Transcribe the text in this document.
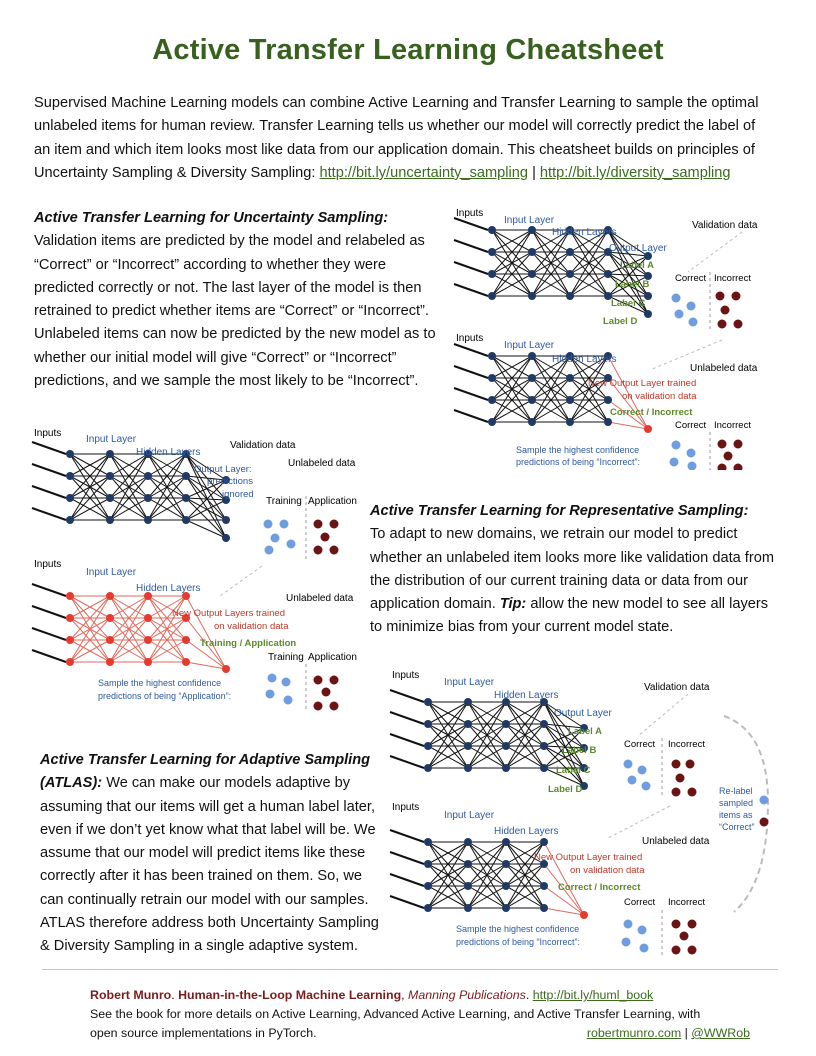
Active Transfer Learning Cheatsheet
Supervised Machine Learning models can combine Active Learning and Transfer Learning to sample the optimal unlabeled items for human review. Transfer Learning tells us whether our model will correctly predict the label of an item and which item looks most like data from our application domain. This cheatsheet builds on principles of Uncertainty Sampling & Diversity Sampling: http://bit.ly/uncertainty_sampling | http://bit.ly/diversity_sampling
Active Transfer Learning for Uncertainty Sampling:
Validation items are predicted by the model and relabeled as “Correct” or “Incorrect” according to whether they were predicted correctly or not. The last layer of the model is then retrained to predict whether items are “Correct” or “Incorrect”. Unlabeled items can now be predicted by the new model as to whether our initial model will give “Correct” or “Incorrect” predictions, and we sample the most likely to be “Incorrect”.
Active Transfer Learning for Representative Sampling:
To adapt to new domains, we retrain our model to predict whether an unlabeled item looks more like validation data from the distribution of our current training data or data from our application domain. Tip: allow the new model to see all layers to minimize bias from your current model state.
Active Transfer Learning for Adaptive Sampling (ATLAS): We can make our models adaptive by assuming that our items will get a human label later, even if we don’t yet know what that label will be. We assume that our model will predict items like these correctly after it has been trained on them. So, we can continually retrain our model with our samples. ATLAS therefore address both Uncertainty Sampling & Diversity Sampling in a single adaptive system.
Inputs
Input Layer
Hidden Layers
Output Layer
Validation data
Label A
Label B
Label C
Label D
Correct Incorrect
Inputs
Input Layer
Hidden Layers
Unlabeled data
New Output Layer trained
on validation data
Correct / Incorrect
Correct Incorrect
Sample the highest confidence
predictions of being “Incorrect”:
Inputs
Input Layer
Hidden Layers
Output Layer:
predictions
ignored
Validation data
Unlabeled data
Training Application
Inputs
Input Layer
Hidden Layers
Unlabeled data
New Output Layers trained
on validation data
Training / Application
Training Application
Sample the highest confidence
predictions of being “Application”:
Inputs
Input Layer
Hidden Layers
Output Layer
Validation data
Label A
Label B
Label C
Label D
Correct Incorrect
Re-label
sampled
items as
“Correct”
Inputs
Input Layer
Hidden Layers
Unlabeled data
New Output Layer trained
on validation data
Correct / Incorrect
Correct Incorrect
Sample the highest confidence
predictions of being “Incorrect”:
Robert Munro. Human-in-the-Loop Machine Learning, Manning Publications. http://bit.ly/huml_book
See the book for more details on Active Learning, Advanced Active Learning, and Active Transfer Learning, with
open source implementations in PyTorch.	robertmunro.com | @WWRob
